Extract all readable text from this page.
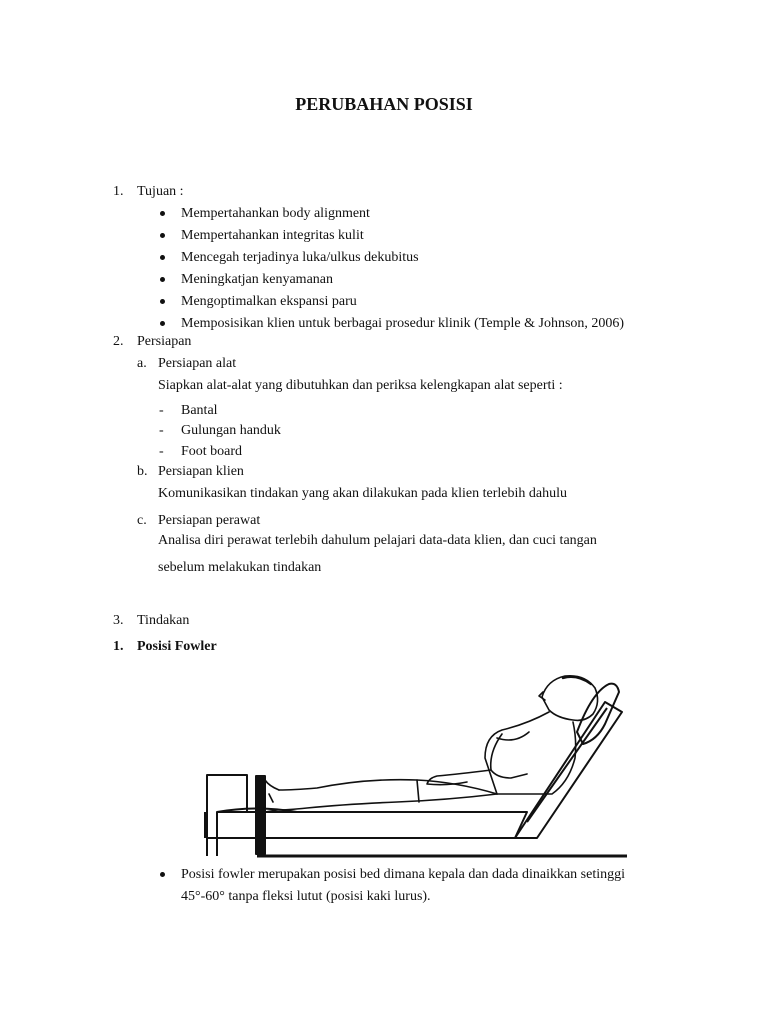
PERUBAHAN POSISI
1. Tujuan :
Mempertahankan body alignment
Mempertahankan integritas kulit
Mencegah terjadinya luka/ulkus dekubitus
Meningkatjan kenyamanan
Mengoptimalkan ekspansi paru
Memposisikan klien untuk berbagai prosedur klinik (Temple & Johnson, 2006)
2. Persiapan
a. Persiapan alat
Siapkan alat-alat yang dibutuhkan dan periksa kelengkapan alat seperti :
- Bantal
- Gulungan handuk
- Foot board
b. Persiapan klien
Komunikasikan tindakan yang akan dilakukan pada klien terlebih dahulu
c. Persiapan perawat
Analisa diri perawat terlebih dahulum pelajari data-data klien, dan cuci tangan
sebelum melakukan tindakan
3. Tindakan
1. Posisi Fowler
Posisi fowler merupakan posisi bed dimana kepala dan dada dinaikkan setinggi
45°-60° tanpa fleksi lutut (posisi kaki lurus).
